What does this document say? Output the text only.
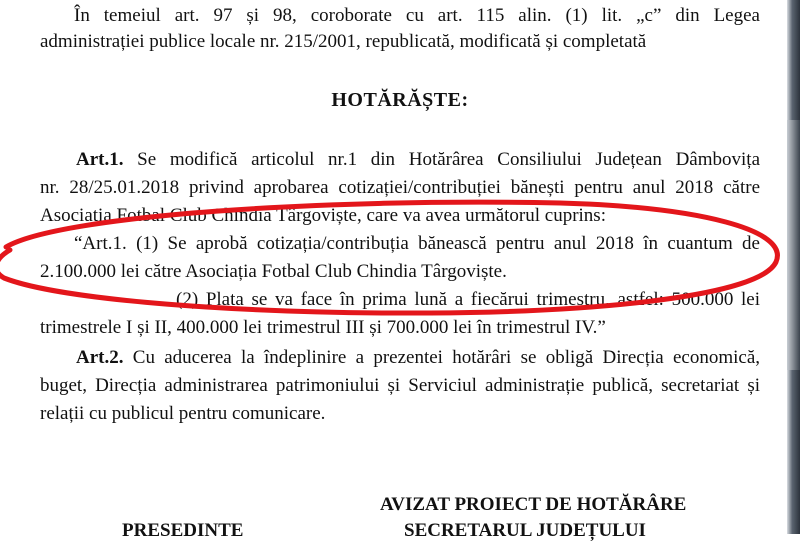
În temeiul art. 97 și 98, coroborate cu art. 115 alin. (1) lit. „c” din Legea
administrației publice locale nr. 215/2001, republicată, modificată și completată
HOTĂRĂȘTE:
Art.1. Se modifică articolul nr.1 din Hotărârea Consiliului Județean Dâmbovița
nr. 28/25.01.2018 privind aprobarea cotizației/contribuției bănești pentru anul 2018 către
Asociația Fotbal Club Chindia Târgoviște, care va avea următorul cuprins:
“Art.1. (1) Se aprobă cotizația/contribuția bănească pentru anul 2018 în cuantum de
2.100.000 lei către Asociația Fotbal Club Chindia Târgoviște.
(2) Plata se va face în prima lună a fiecărui trimestru, astfel: 500.000 lei
trimestrele I și II, 400.000 lei trimestrul III și 700.000 lei în trimestrul IV.”
Art.2. Cu aducerea la îndeplinire a prezentei hotărâri se obligă Direcția economică,
buget, Direcția administrarea patrimoniului și Serviciul administrație publică, secretariat și
relații cu publicul pentru comunicare.
AVIZAT PROIECT DE HOTĂRÂRE
SECRETARUL JUDEȚULUI
PRESEDINTE
